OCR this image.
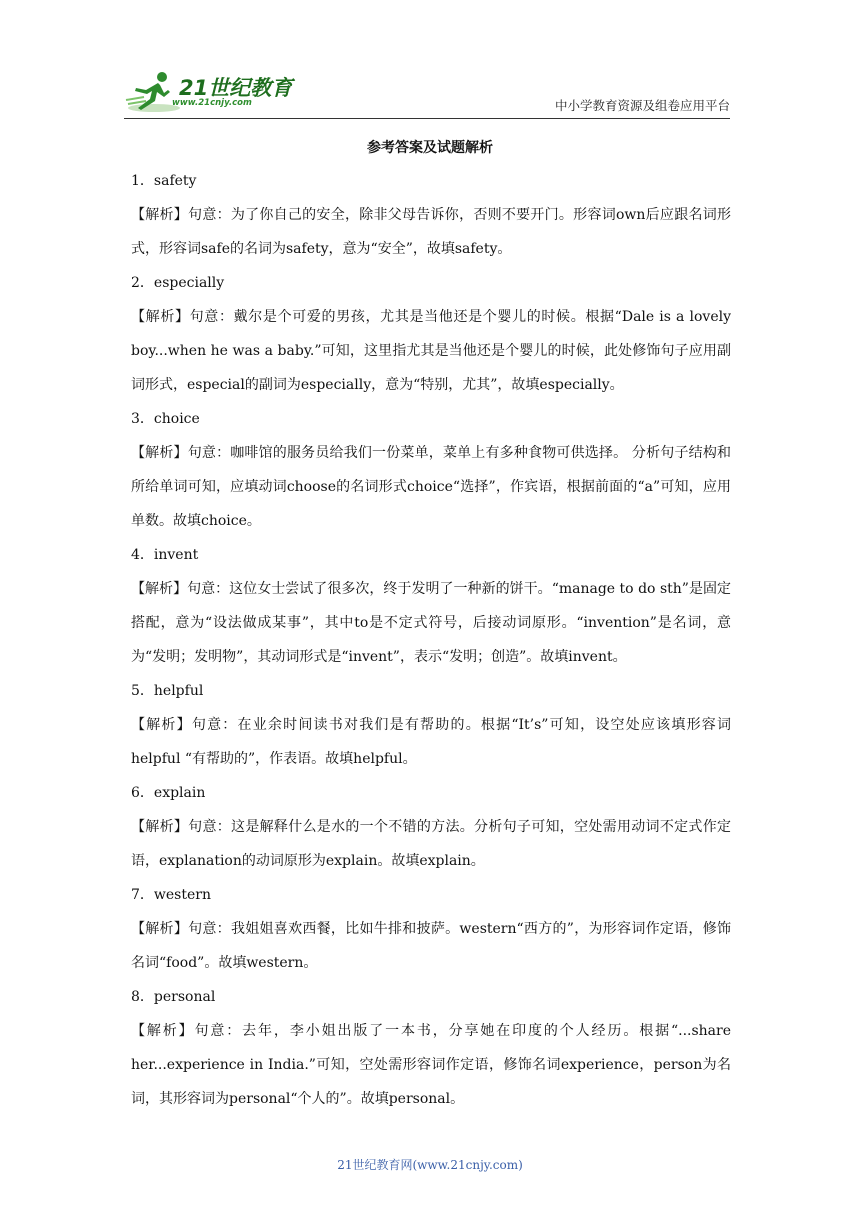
21世纪教育
www.21cnjy.com	中小学教育资源及组卷应用平台
参考答案及试题解析

1．safety

【解析】句意：为了你自己的安全，除非父母告诉你，否则不要开门。形容词own后应跟名词形式，形容词safe的名词为safety，意为“安全”，故填safety。

2．especially

【解析】句意：戴尔是个可爱的男孩，尤其是当他还是个婴儿的时候。根据“Dale is a lovely boy...when he was a baby.”可知，这里指尤其是当他还是个婴儿的时候，此处修饰句子应用副词形式，especial的副词为especially，意为“特别，尤其”，故填especially。

3．choice

【解析】句意：咖啡馆的服务员给我们一份菜单，菜单上有多种食物可供选择。 分析句子结构和所给单词可知，应填动词choose的名词形式choice“选择”，作宾语，根据前面的“a”可知，应用单数。故填choice。

4．invent

【解析】句意：这位女士尝试了很多次，终于发明了一种新的饼干。“manage to do sth”是固定搭配，意为“设法做成某事”，其中to是不定式符号，后接动词原形。“invention”是名词，意为“发明；发明物”，其动词形式是“invent”，表示“发明；创造”。故填invent。

5．helpful

【解析】句意：在业余时间读书对我们是有帮助的。根据“It’s”可知，设空处应该填形容词helpful “有帮助的”，作表语。故填helpful。

6．explain

【解析】句意：这是解释什么是水的一个不错的方法。分析句子可知，空处需用动词不定式作定语，explanation的动词原形为explain。故填explain。

7．western

【解析】句意：我姐姐喜欢西餐，比如牛排和披萨。western“西方的”，为形容词作定语，修饰名词“food”。故填western。

8．personal

【解析】句意：去年，李小姐出版了一本书，分享她在印度的个人经历。根据“...share her...experience in India.”可知，空处需形容词作定语，修饰名词experience，person为名词，其形容词为personal“个人的”。故填personal。

21世纪教育网(www.21cnjy.com)
